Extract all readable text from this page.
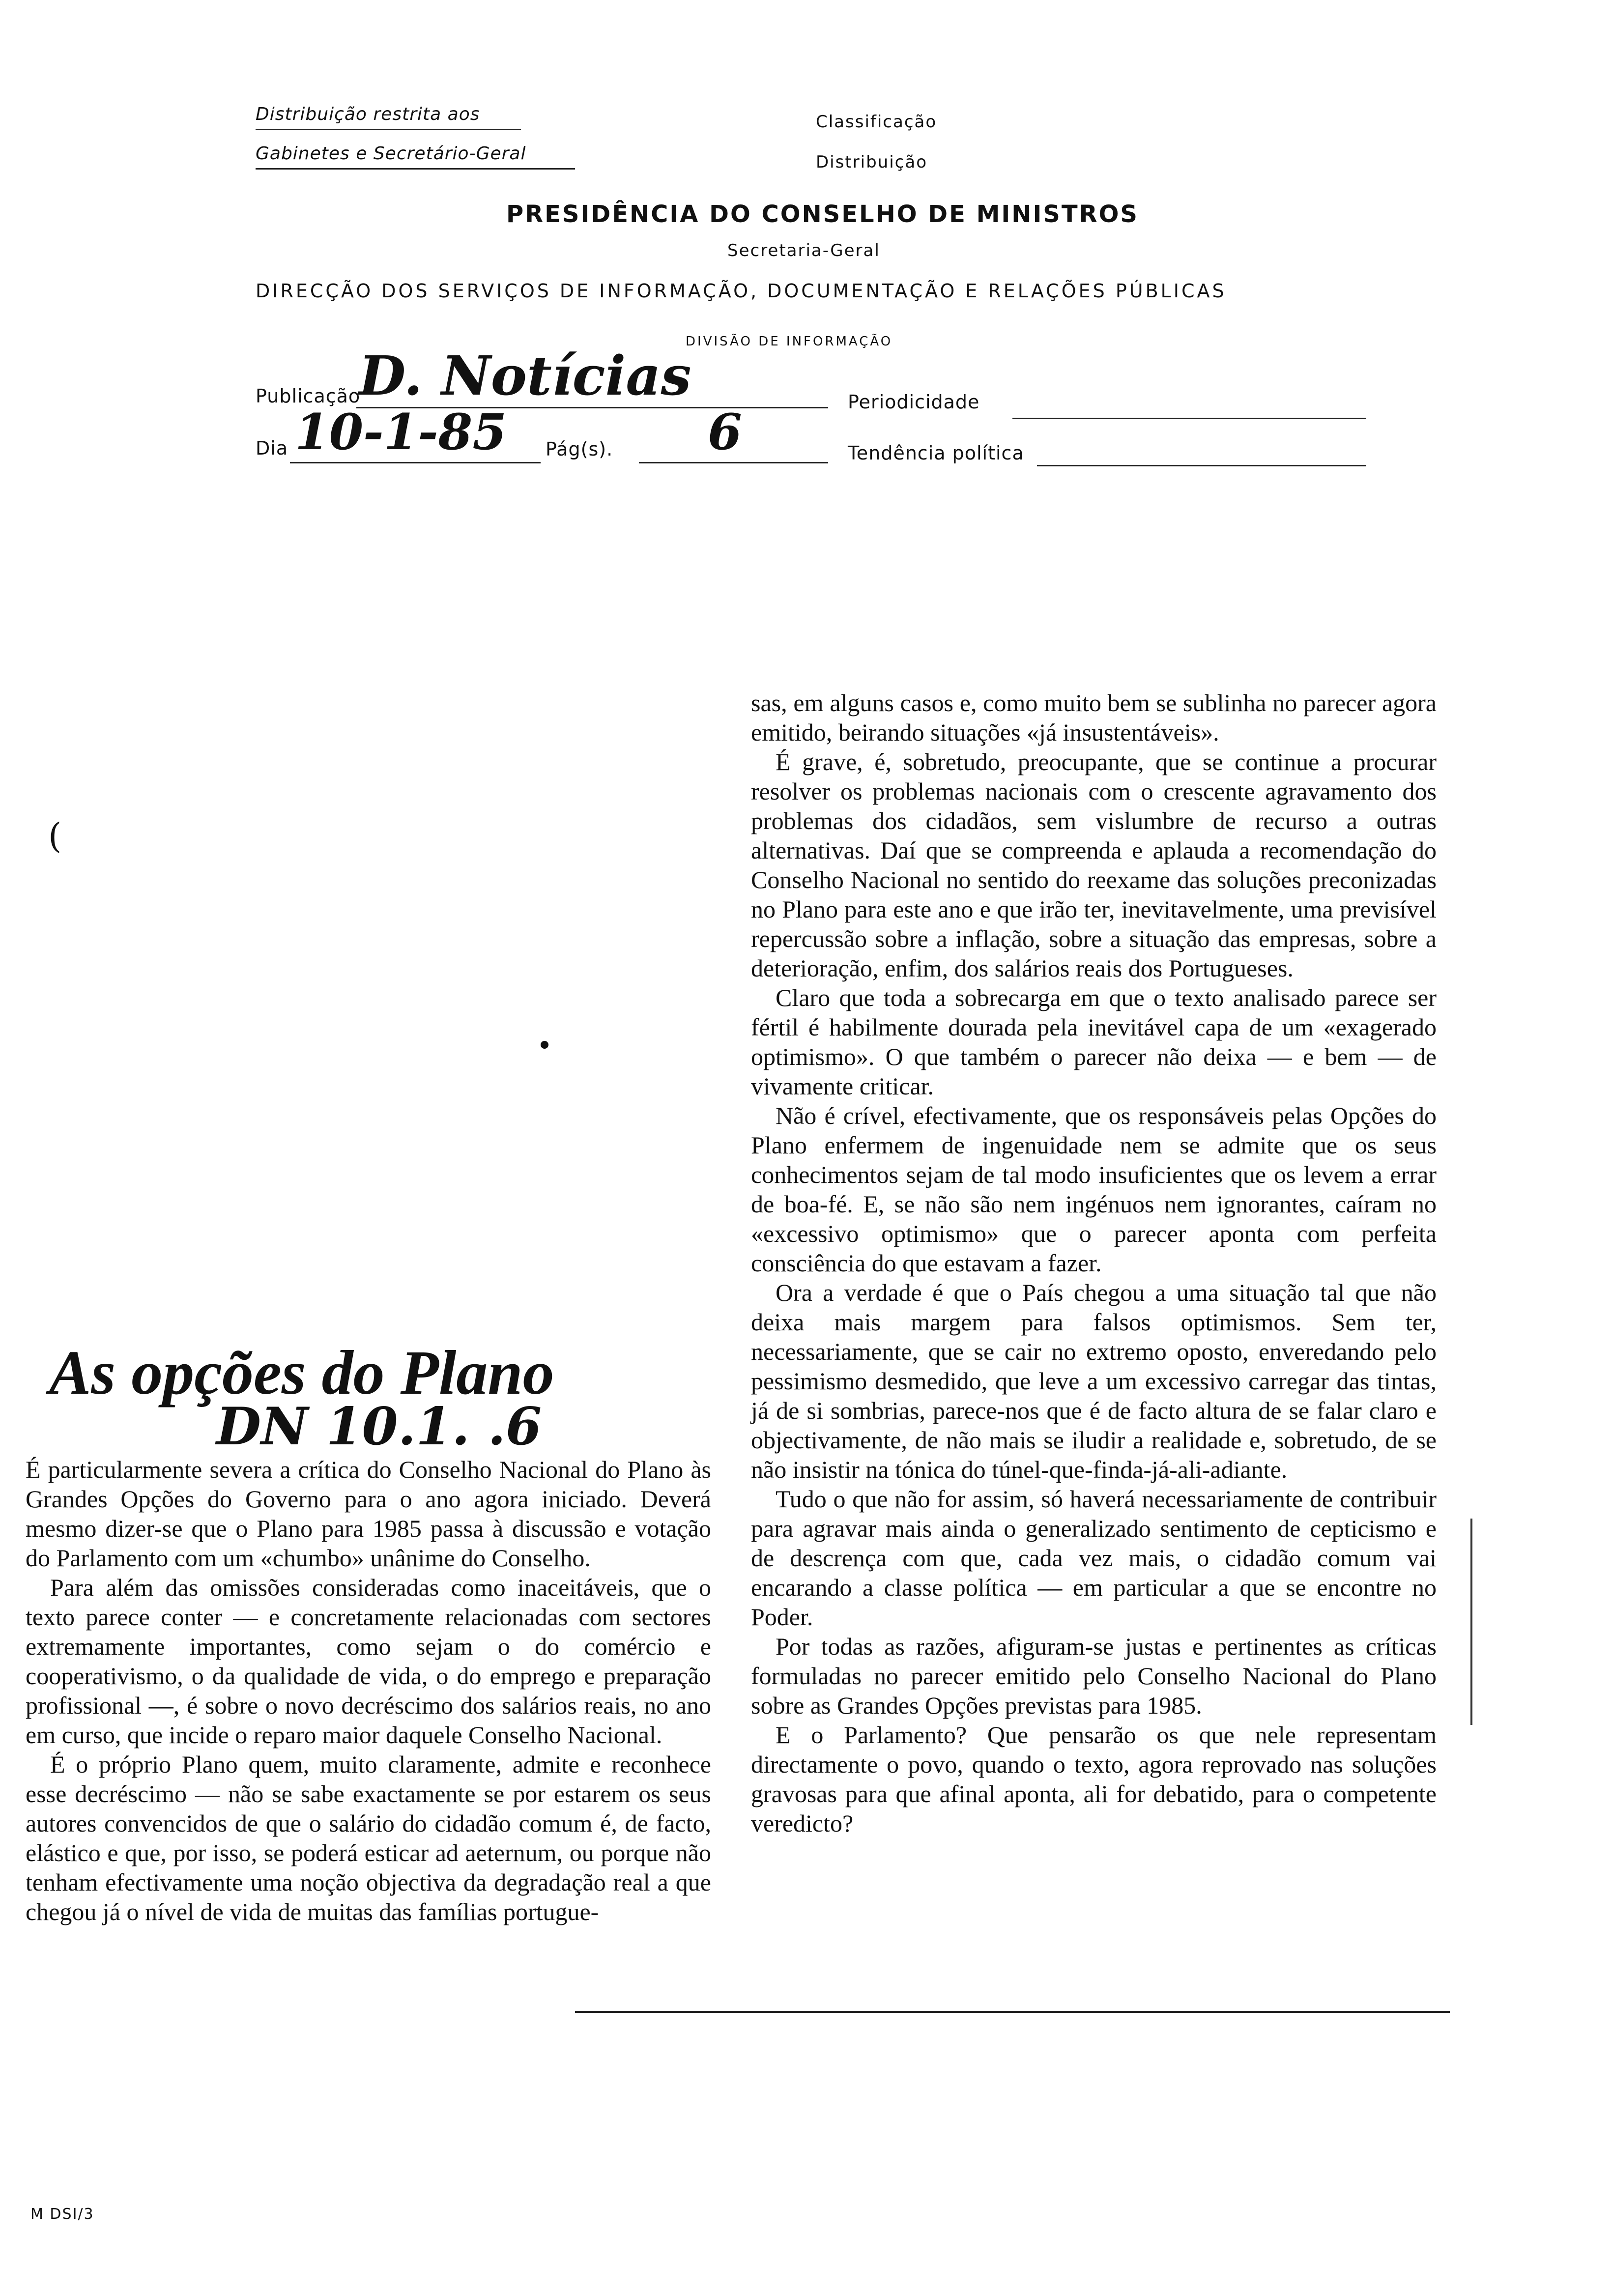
Distribuição restrita aos
Gabinetes e Secretário-Geral
Classificação
Distribuição
PRESIDÊNCIA DO CONSELHO DE MINISTROS
Secretaria-Geral
DIRECÇÃO DOS SERVIÇOS DE INFORMAÇÃO, DOCUMENTAÇÃO E RELAÇÕES PÚBLICAS
DIVISÃO DE INFORMAÇÃO
Publicação
D. Notícias	Periodicidade
Dia 10-1-85 Pág(s). 6	Tendência política
(

sas, em alguns casos e, como muito bem se sublinha no parecer agora emitido, beirando situações «já insustentáveis».

É grave, é, sobretudo, preocupante, que se continue a procurar resolver os problemas nacionais com o crescente agravamento dos problemas dos cidadãos, sem vislumbre de recurso a outras alternativas. Daí que se compreenda e aplauda a recomendação do Conselho Nacional no sentido do reexame das soluções preconizadas no Plano para este ano e que irão ter, inevitavelmente, uma previsível repercussão sobre a inflação, sobre a situação das empresas, sobre a deterioração, enfim, dos salários reais dos Portugueses.

Claro que toda a sobrecarga em que o texto analisado parece ser fértil é habilmente dourada pela inevitável capa de um «exagerado optimismo». O que também o parecer não deixa — e bem — de vivamente criticar.

Não é crível, efectivamente, que os responsáveis pelas Opções do Plano enfermem de ingenuidade nem se admite que os seus conhecimentos sejam de tal modo insuficientes que os levem a errar de boa-fé. E, se não são nem ingénuos nem ignorantes, caíram no «excessivo optimismo» que o parecer aponta com perfeita consciência do que estavam a fazer.

Ora a verdade é que o País chegou a uma situação tal que não deixa mais margem para falsos optimismos. Sem ter, necessariamente, que se cair no extremo oposto, enveredando pelo pessimismo desmedido, que leve a um excessivo carregar das tintas, já de si sombrias, parece-nos que é de facto altura de se falar claro e objectivamente, de não mais se iludir a realidade e, sobretudo, de se não insistir na tónica do túnel-que-finda-já-ali-adiante.

Tudo o que não for assim, só haverá necessariamente de contribuir para agravar mais ainda o generalizado sentimento de cepticismo e de descrença com que, cada vez mais, o cidadão comum vai encarando a classe política — em particular a que se encontre no Poder.

Por todas as razões, afiguram-se justas e pertinentes as críticas formuladas no parecer emitido pelo Conselho Nacional do Plano sobre as Grandes Opções previstas para 1985.

E o Parlamento? Que pensarão os que nele representam directamente o povo, quando o texto, agora reprovado nas soluções gravosas para que afinal aponta, ali for debatido, para o competente veredicto?

As opções do Plano
DN 10.1. .6

É particularmente severa a crítica do Conselho Nacional do Plano às Grandes Opções do Governo para o ano agora iniciado. Deverá mesmo dizer-se que o Plano para 1985 passa à discussão e votação do Parlamento com um «chumbo» unânime do Conselho.

Para além das omissões consideradas como inaceitáveis, que o texto parece conter — e concretamente relacionadas com sectores extremamente importantes, como sejam o do comércio e cooperativismo, o da qualidade de vida, o do emprego e preparação profissional —, é sobre o novo decréscimo dos salários reais, no ano em curso, que incide o reparo maior daquele Conselho Nacional.

É o próprio Plano quem, muito claramente, admite e reconhece esse decréscimo — não se sabe exactamente se por estarem os seus autores convencidos de que o salário do cidadão comum é, de facto, elástico e que, por isso, se poderá esticar ad aeternum, ou porque não tenham efectivamente uma noção objectiva da degradação real a que chegou já o nível de vida de muitas das famílias portugue-

M DSI/3
